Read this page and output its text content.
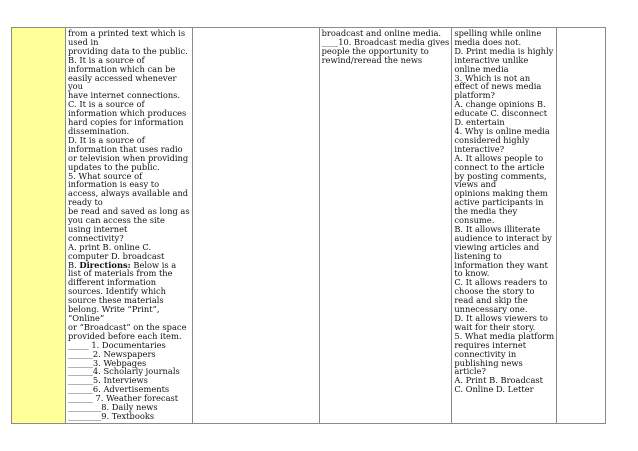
from a printed text which is
used in
providing data to the public.
B. It is a source of
information which can be
easily accessed whenever
you
have internet connections.
C. It is a source of
information which produces
hard copies for information
dissemination.
D. It is a source of
information that uses radio
or television when providing
updates to the public.
5. What source of
information is easy to
access, always available and
ready to
be read and saved as long as
you can access the site
using internet
connectivity?
A. print B. online C.
computer D. broadcast
B. Directions: Below is a
list of materials from the
different information
sources. Identify which
source these materials
belong. Write “Print”,
“Online”
or “Broadcast” on the space
provided before each item.
_____ 1. Documentaries
______2. Newspapers
______3. Webpages
______4. Scholarly journals
______5. Interviews
______6. Advertisements
______ 7. Weather forecast
________8. Daily news
________9. Textbooks

broadcast and online media.
____10. Broadcast media gives
people the opportunity to
rewind/reread the news

spelling while online
media does not.
D. Print media is highly
interactive unlike
online media
3. Which is not an
effect of news media
platform?
A. change opinions B.
educate C. disconnect
D. entertain
4. Why is online media
considered highly
interactive?
A. It allows people to
connect to the article
by posting comments,
views and
opinions making them
active participants in
the media they
consume.
B. It allows illiterate
audience to interact by
viewing articles and
listening to
information they want
to know.
C. It allows readers to
choose the story to
read and skip the
unnecessary one.
D. It allows viewers to
wait for their story.
5. What media platform
requires internet
connectivity in
publishing news
article?
A. Print B. Broadcast
C. Online D. Letter
